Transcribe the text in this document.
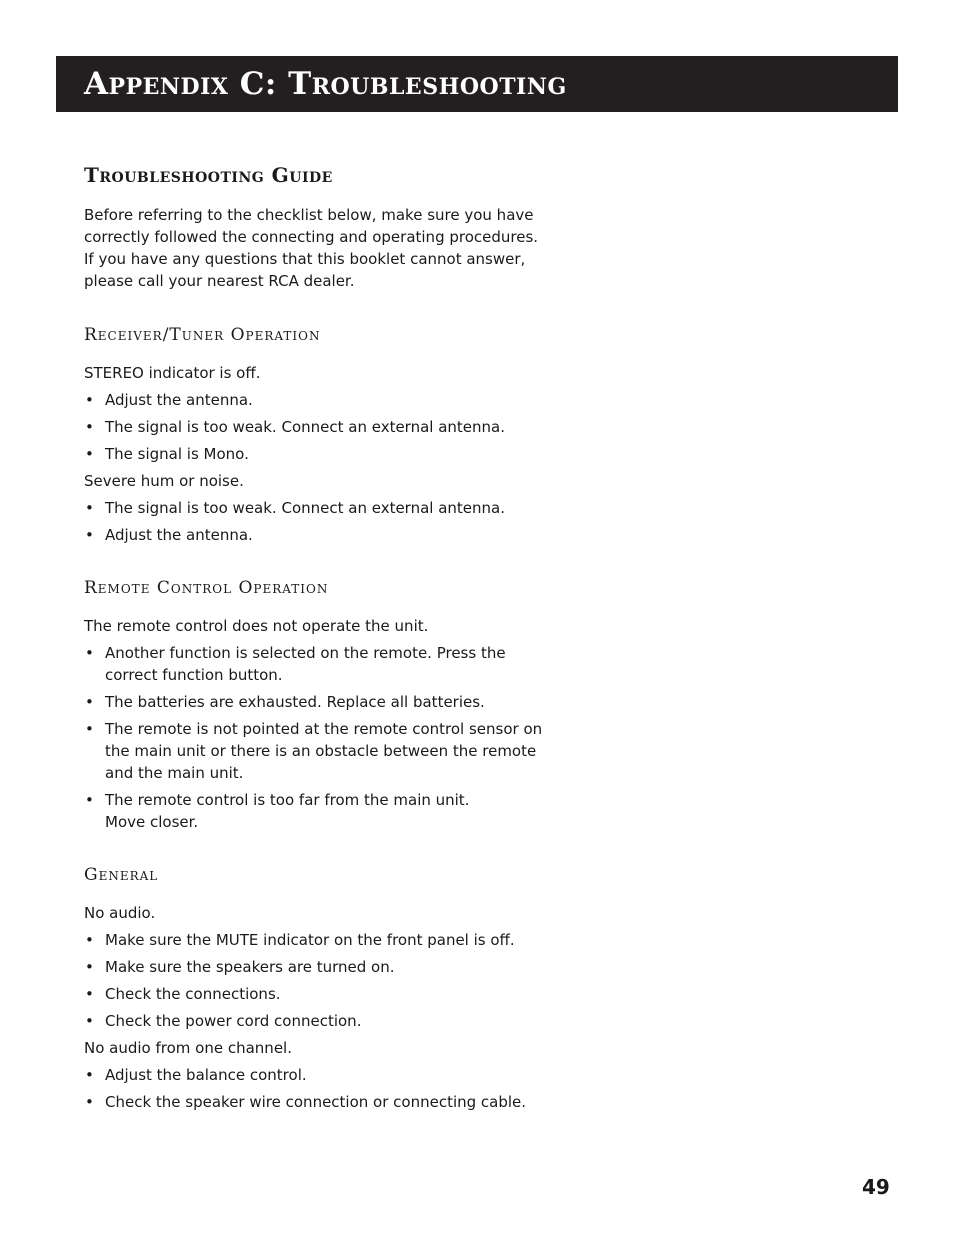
Appendix C: Troubleshooting
Troubleshooting Guide
Before referring to the checklist below, make sure you have
correctly followed the connecting and operating procedures.
If you have any questions that this booklet cannot answer,
please call your nearest RCA dealer.
Receiver/Tuner Operation
STEREO indicator is off.
• Adjust the antenna.
• The signal is too weak. Connect an external antenna.
• The signal is Mono.
Severe hum or noise.
• The signal is too weak. Connect an external antenna.
• Adjust the antenna.
Remote Control Operation
The remote control does not operate the unit.
• Another function is selected on the remote. Press the
correct function button.
• The batteries are exhausted. Replace all batteries.
• The remote is not pointed at the remote control sensor on
the main unit or there is an obstacle between the remote
and the main unit.
• The remote control is too far from the main unit.
Move closer.
General
No audio.
• Make sure the MUTE indicator on the front panel is off.
• Make sure the speakers are turned on.
• Check the connections.
• Check the power cord connection.
No audio from one channel.
• Adjust the balance control.
• Check the speaker wire connection or connecting cable.
49
